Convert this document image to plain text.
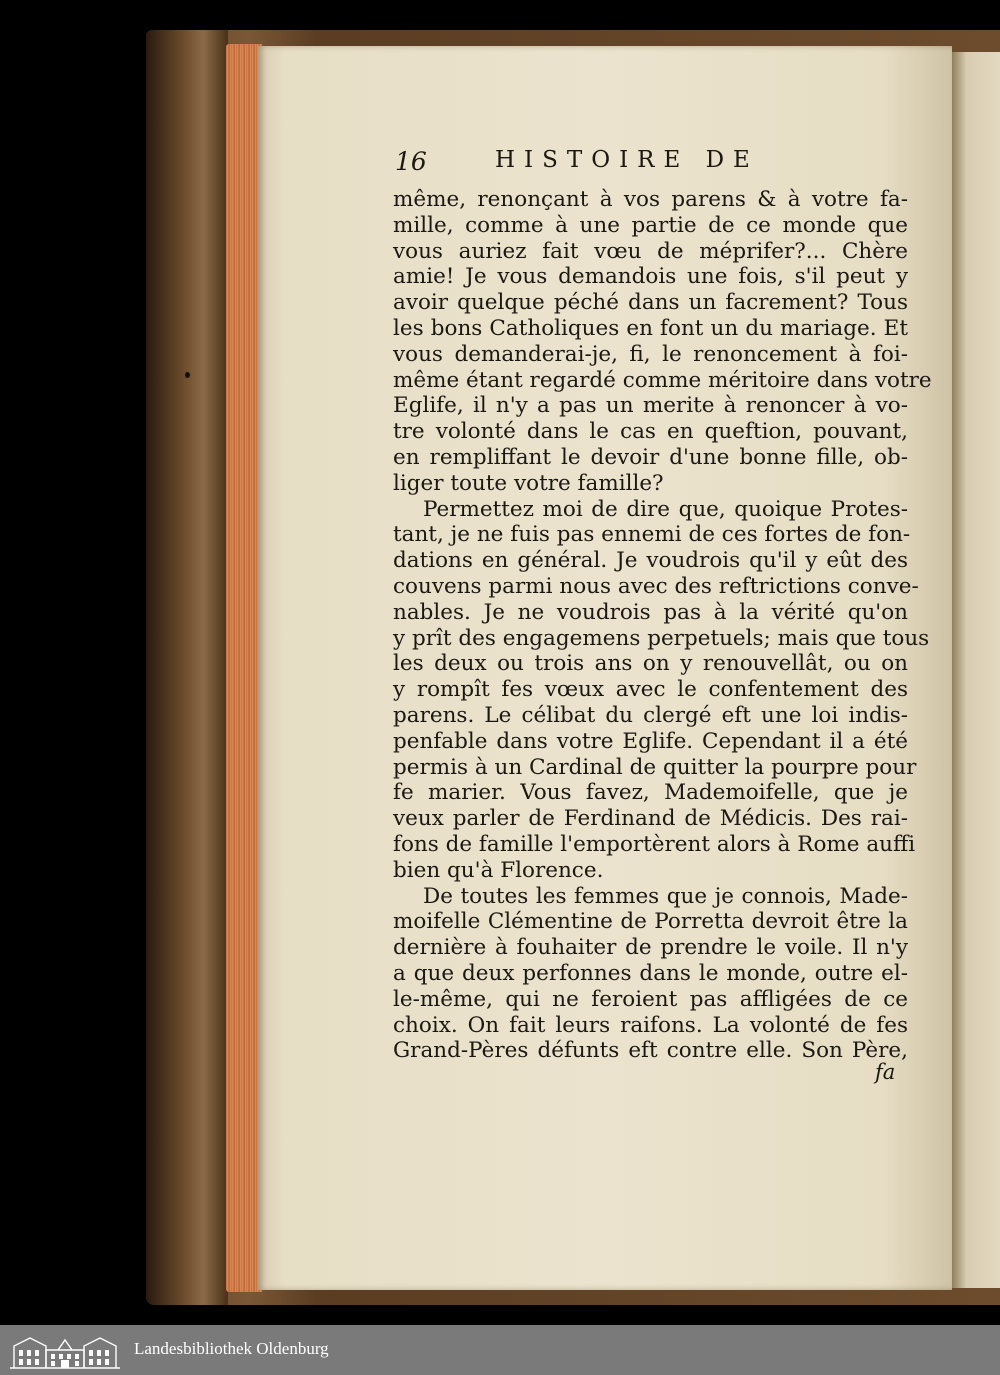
16	HISTOIRE DE
même, renonçant à vos parens & à votre fa-
mille, comme à une partie de ce monde que
vous auriez fait vœu de méprifer?... Chère
amie! Je vous demandois une fois, s'il peut y
avoir quelque péché dans un facrement? Tous
les bons Catholiques en font un du mariage. Et
vous demanderai-je, fi, le renoncement à foi-
même étant regardé comme méritoire dans votre
Eglife, il n'y a pas un merite à renoncer à vo-
tre volonté dans le cas en queftion, pouvant,
en rempliffant le devoir d'une bonne fille, ob-
liger toute votre famille?
Permettez moi de dire que, quoique Protes-
tant, je ne fuis pas ennemi de ces fortes de fon-
dations en général. Je voudrois qu'il y eût des
couvens parmi nous avec des reftrictions conve-
nables. Je ne voudrois pas à la vérité qu'on
y prît des engagemens perpetuels; mais que tous
les deux ou trois ans on y renouvellât, ou on
y rompît fes vœux avec le confentement des
parens. Le célibat du clergé eft une loi indis-
penfable dans votre Eglife. Cependant il a été
permis à un Cardinal de quitter la pourpre pour
fe marier. Vous favez, Mademoifelle, que je
veux parler de Ferdinand de Médicis. Des rai-
fons de famille l'emportèrent alors à Rome auffi
bien qu'à Florence.
De toutes les femmes que je connois, Made-
moifelle Clémentine de Porretta devroit être la
dernière à fouhaiter de prendre le voile. Il n'y
a que deux perfonnes dans le monde, outre el-
le-même, qui ne feroient pas affligées de ce
choix. On fait leurs raifons. La volonté de fes
Grand-Pères défunts eft contre elle. Son Père,
fa
Landesbibliothek Oldenburg
